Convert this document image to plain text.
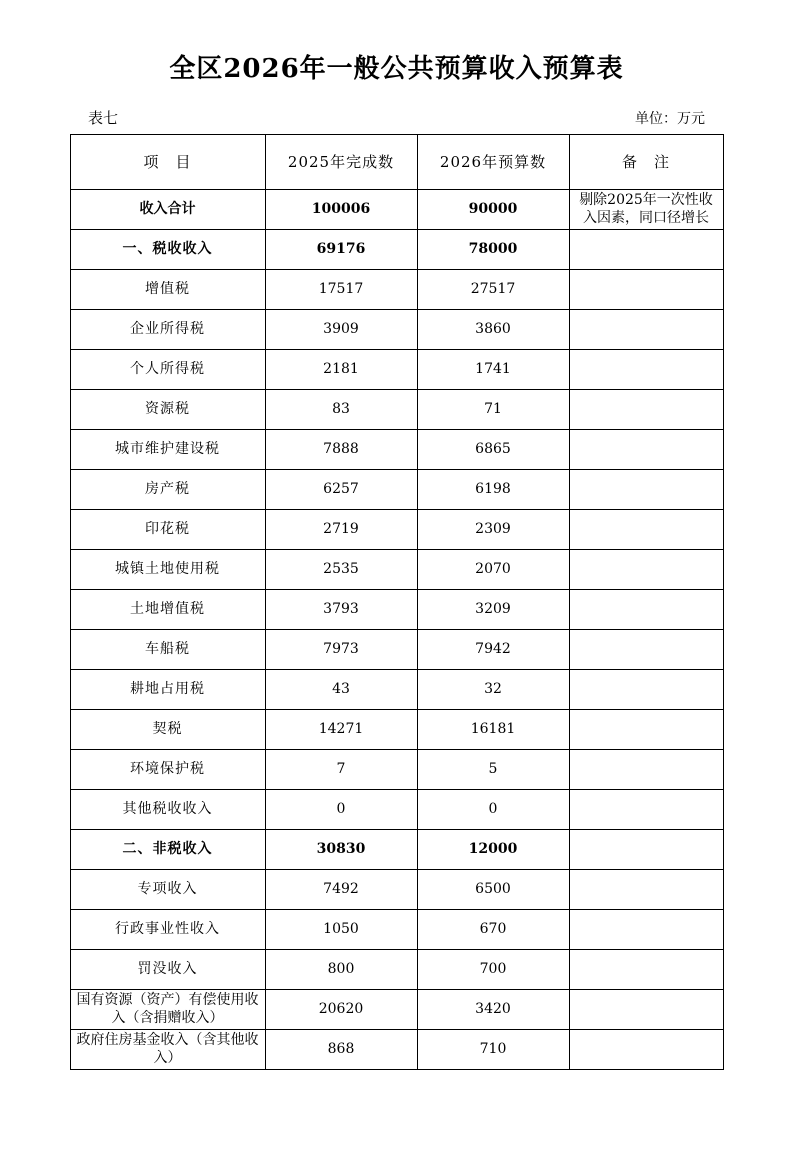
全区2026年一般公共预算收入预算表
表七	单位：万元
项　目	2025年完成数	2026年预算数	备　注
收入合计	100006	90000	剔除2025年一次性收入因素，同口径增长
一、税收收入	69176	78000	
增值税	17517	27517	
企业所得税	3909	3860	
个人所得税	2181	1741	
资源税	83	71	
城市维护建设税	7888	6865	
房产税	6257	6198	
印花税	2719	2309	
城镇土地使用税	2535	2070	
土地增值税	3793	3209	
车船税	7973	7942	
耕地占用税	43	32	
契税	14271	16181	
环境保护税	7	5	
其他税收收入	0	0	
二、非税收入	30830	12000	
专项收入	7492	6500	
行政事业性收入	1050	670	
罚没收入	800	700	
国有资源（资产）有偿使用收入（含捐赠收入）	20620	3420	
政府住房基金收入（含其他收入）	868	710	
